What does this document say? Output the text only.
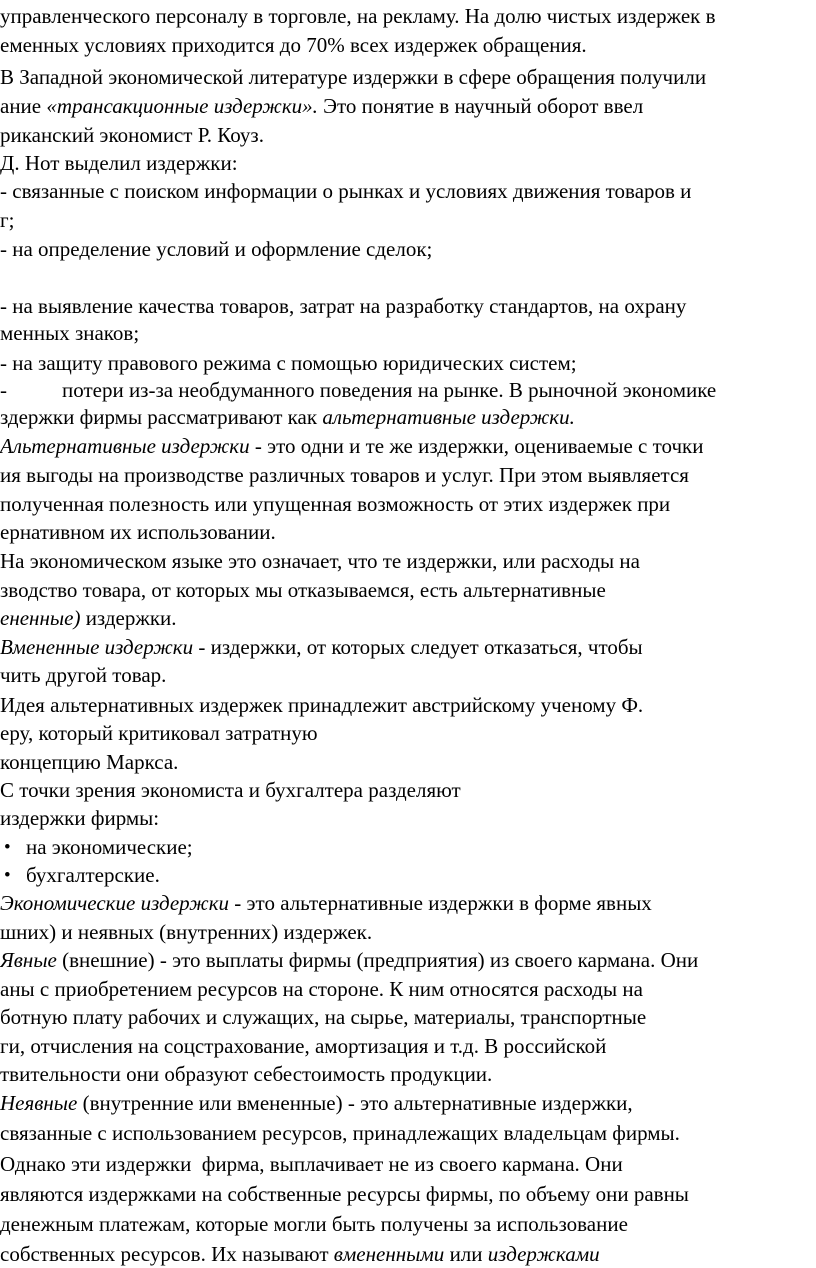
управленческого персоналу в торговле, на рекламу. На долю чистых издержек в
еменных условиях приходится до 70% всех издержек обращения.
В Западной экономической литературе издержки в сфере обращения получили
ание «трансакционные издержки». Это понятие в научный оборот ввел
риканский экономист Р. Коуз.
Д. Нот выделил издержки:
- связанные с поиском информации о рынках и условиях движения товаров и
г;
- на определение условий и оформление сделок;
- на выявление качества товаров, затрат на разработку стандартов, на охрану
менных знаков;
- на защиту правового режима с помощью юридических систем;
-	потери из-за необдуманного поведения на рынке. В рыночной экономике
здержки фирмы рассматривают как альтернативные издержки.
Альтернативные издержки - это одни и те же издержки, оцениваемые с точки
ия выгоды на производстве различных товаров и услуг. При этом выявляется
полученная полезность или упущенная возможность от этих издержек при
ернативном их использовании.
На экономическом языке это означает, что те издержки, или расходы на
зводство товара, от которых мы отказываемся, есть альтернативные
ененные) издержки.
Вмененные издержки - издержки, от которых следует отказаться, чтобы
чить другой товар.
Идея альтернативных издержек принадлежит австрийскому ученому Ф.
еру, который критиковал затратную
концепцию Маркса.
С точки зрения экономиста и бухгалтера разделяют
издержки фирмы:
• на экономические;
• бухгалтерские.
Экономические издержки - это альтернативные издержки в форме явных
шних) и неявных (внутренних) издержек.
Явные (внешние) - это выплаты фирмы (предприятия) из своего кармана. Они
аны с приобретением ресурсов на стороне. К ним относятся расходы на
ботную плату рабочих и служащих, на сырье, материалы, транспортные
ги, отчисления на соцстрахование, амортизация и т.д. В российской
твительности они образуют себестоимость продукции.
Неявные (внутренние или вмененные) - это альтернативные издержки,
связанные с использованием ресурсов, принадлежащих владельцам фирмы.
Однако эти издержки  фирма, выплачивает не из своего кармана. Они
являются издержками на собственные ресурсы фирмы, по объему они равны
денежным платежам, которые могли быть получены за использование
собственных ресурсов. Их называют вмененными или издержками
